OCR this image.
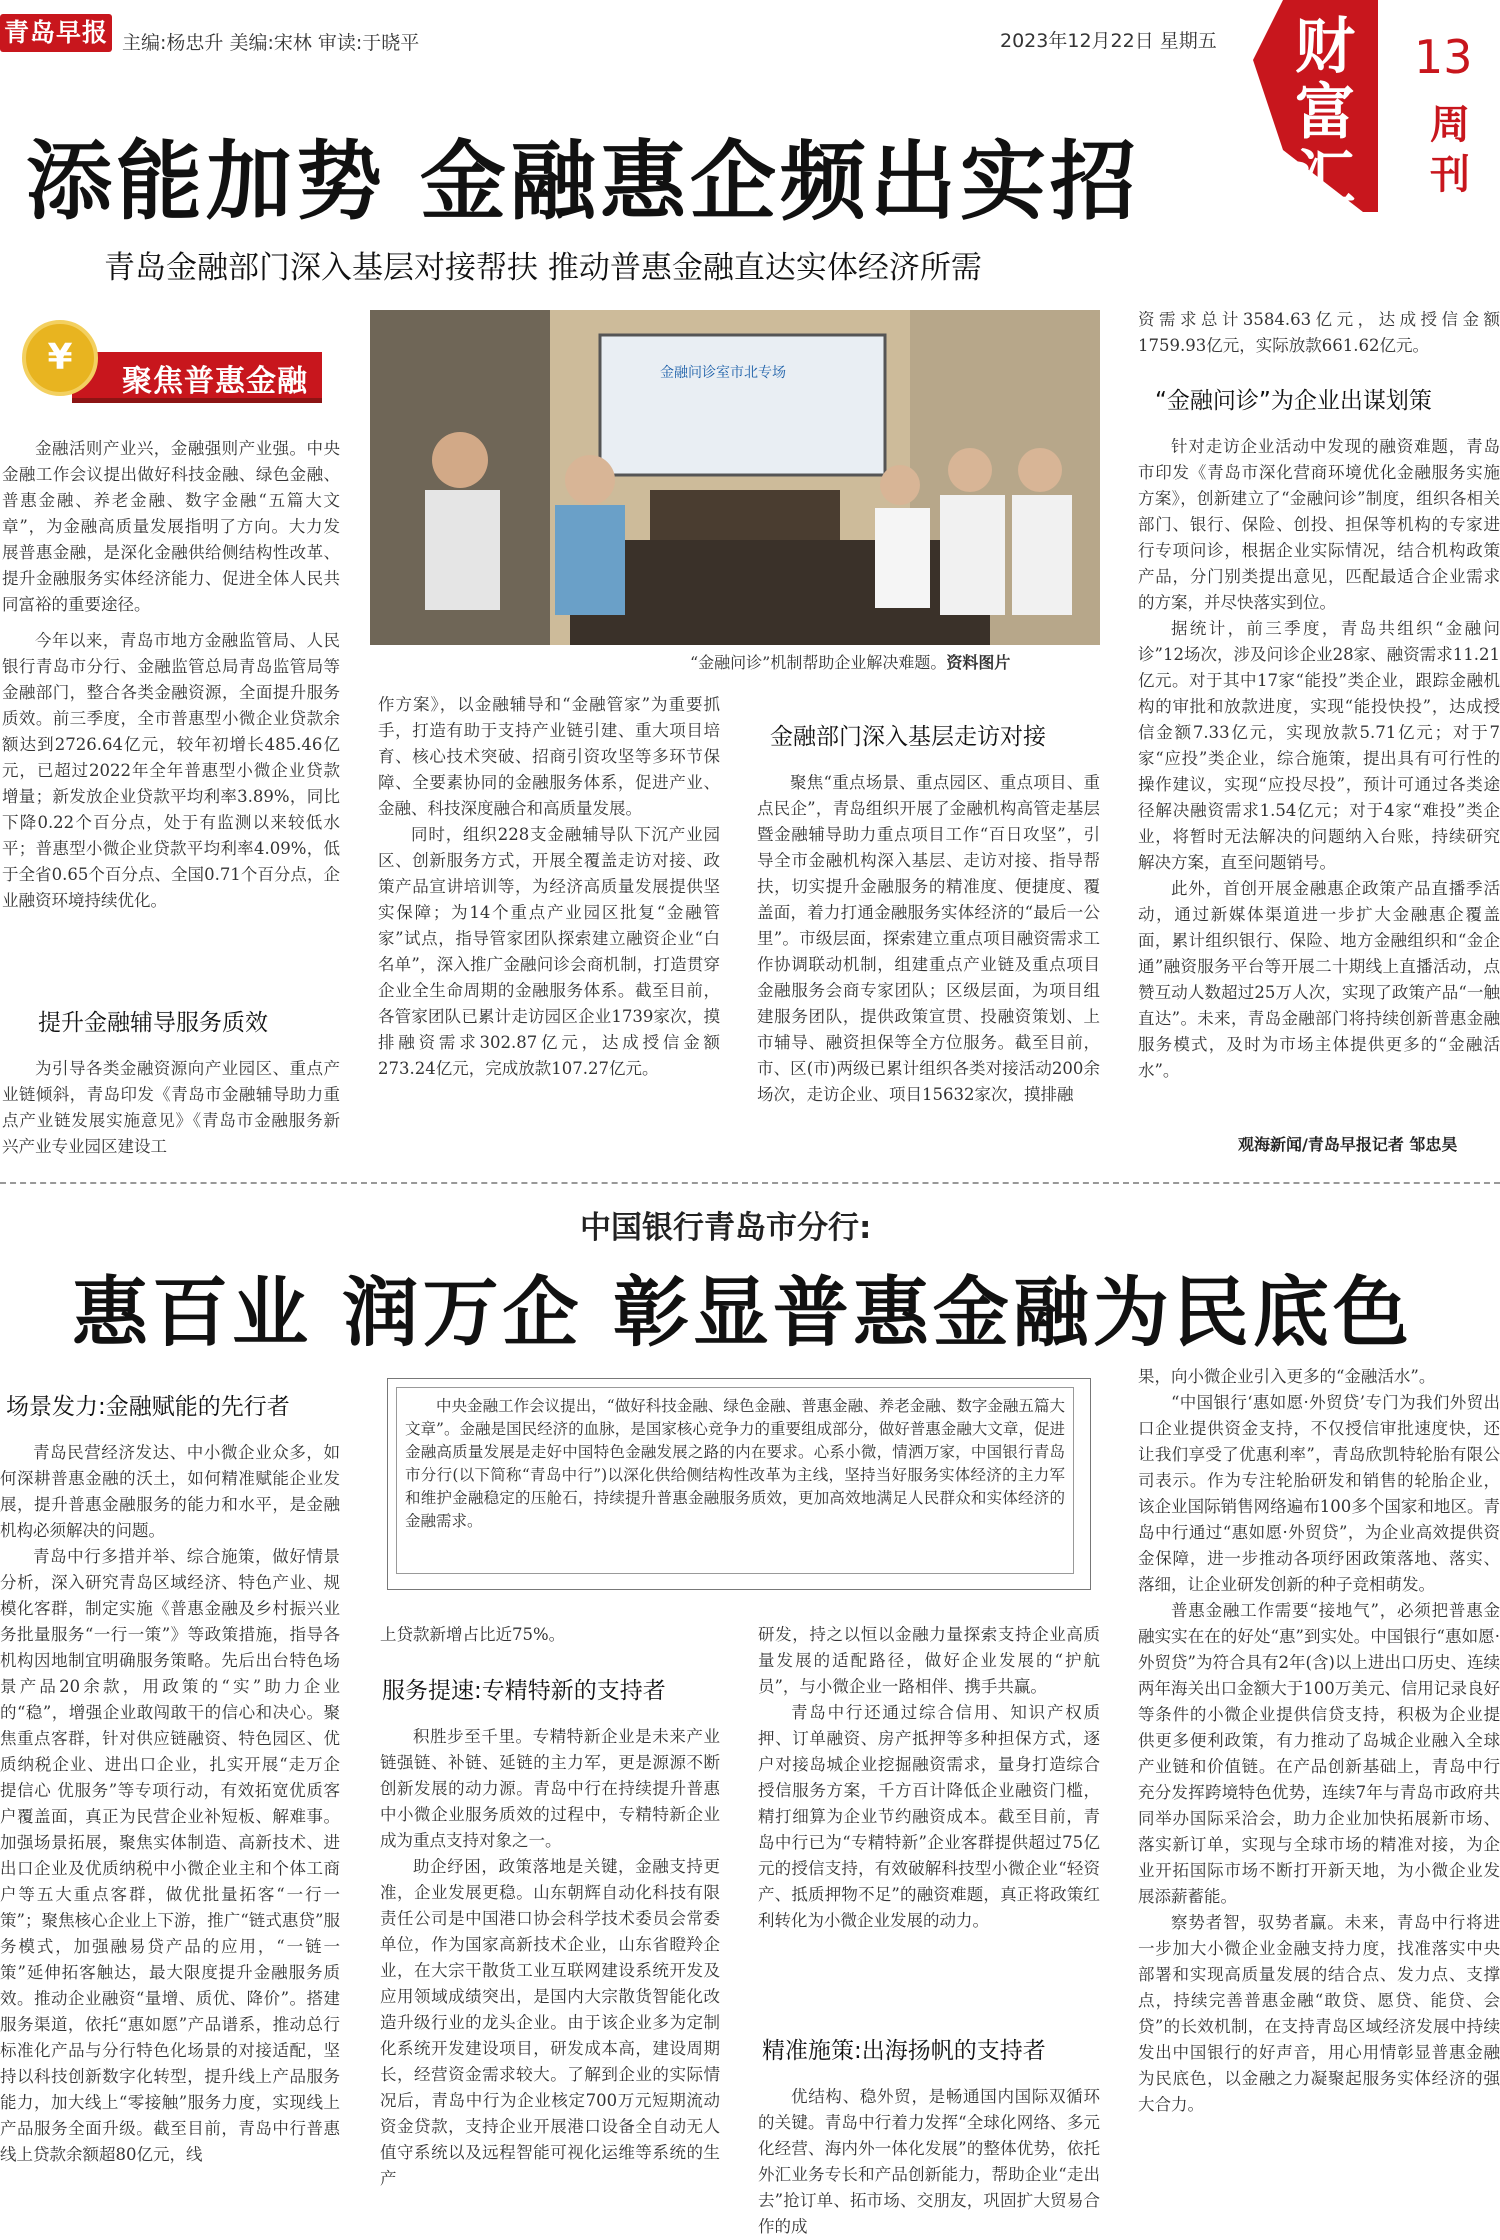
青岛早报 主编:杨忠升 美编:宋林 审读:于晓平	2023年12月22日 星期五	财富
汇
13
周
刊
添能加势 金融惠企频出实招
青岛金融部门深入基层对接帮扶 推动普惠金融直达实体经济所需
¥
聚焦普惠金融

金融活则产业兴，金融强则产业强。中央金融工作会议提出做好科技金融、绿色金融、普惠金融、养老金融、数字金融“五篇大文章”，为金融高质量发展指明了方向。大力发展普惠金融，是深化金融供给侧结构性改革、提升金融服务实体经济能力、促进全体人民共同富裕的重要途径。

今年以来，青岛市地方金融监管局、人民银行青岛市分行、金融监管总局青岛监管局等金融部门，整合各类金融资源，全面提升服务质效。前三季度，全市普惠型小微企业贷款余额达到2726.64亿元，较年初增长485.46亿元，已超过2022年全年普惠型小微企业贷款增量；新发放企业贷款平均利率3.89%，同比下降0.22个百分点，处于有监测以来较低水平；普惠型小微企业贷款平均利率4.09%，低于全省0.65个百分点、全国0.71个百分点，企业融资环境持续优化。

提升金融辅导服务质效

为引导各类金融资源向产业园区、重点产业链倾斜，青岛印发《青岛市金融辅导助力重点产业链发展实施意见》《青岛市金融服务新兴产业专业园区建设工

金融问诊室市北专场
“金融问诊”机制帮助企业解决难题。资料图片

作方案》，以金融辅导和“金融管家”为重要抓手，打造有助于支持产业链引建、重大项目培育、核心技术突破、招商引资攻坚等多环节保障、全要素协同的金融服务体系，促进产业、金融、科技深度融合和高质量发展。

同时，组织228支金融辅导队下沉产业园区、创新服务方式，开展全覆盖走访对接、政策产品宣讲培训等，为经济高质量发展提供坚实保障；为14个重点产业园区批复“金融管家”试点，指导管家团队探索建立融资企业“白名单”，深入推广金融问诊会商机制，打造贯穿企业全生命周期的金融服务体系。截至目前，各管家团队已累计走访园区企业1739家次，摸排融资需求302.87亿元，达成授信金额273.24亿元，完成放款107.27亿元。

金融部门深入基层走访对接

聚焦“重点场景、重点园区、重点项目、重点民企”，青岛组织开展了金融机构高管走基层暨金融辅导助力重点项目工作“百日攻坚”，引导全市金融机构深入基层、走访对接、指导帮扶，切实提升金融服务的精准度、便捷度、覆盖面，着力打通金融服务实体经济的“最后一公里”。市级层面，探索建立重点项目融资需求工作协调联动机制，组建重点产业链及重点项目金融服务会商专家团队；区级层面，为项目组建服务团队，提供政策宣贯、投融资策划、上市辅导、融资担保等全方位服务。截至目前，市、区(市)两级已累计组织各类对接活动200余场次，走访企业、项目15632家次，摸排融

资需求总计3584.63亿元，达成授信金额1759.93亿元，实际放款661.62亿元。

“金融问诊”为企业出谋划策

针对走访企业活动中发现的融资难题，青岛市印发《青岛市深化营商环境优化金融服务实施方案》，创新建立了“金融问诊”制度，组织各相关部门、银行、保险、创投、担保等机构的专家进行专项问诊，根据企业实际情况，结合机构政策产品，分门别类提出意见，匹配最适合企业需求的方案，并尽快落实到位。

据统计，前三季度，青岛共组织“金融问诊”12场次，涉及问诊企业28家、融资需求11.21亿元。对于其中17家“能投”类企业，跟踪金融机构的审批和放款进度，实现“能投快投”，达成授信金额7.33亿元，实现放款5.71亿元；对于7家“应投”类企业，综合施策，提出具有可行性的操作建议，实现“应投尽投”，预计可通过各类途径解决融资需求1.54亿元；对于4家“难投”类企业，将暂时无法解决的问题纳入台账，持续研究解决方案，直至问题销号。

此外，首创开展金融惠企政策产品直播季活动，通过新媒体渠道进一步扩大金融惠企覆盖面，累计组织银行、保险、地方金融组织和“金企通”融资服务平台等开展二十期线上直播活动，点赞互动人数超过25万人次，实现了政策产品“一触直达”。未来，青岛金融部门将持续创新普惠金融服务模式，及时为市场主体提供更多的“金融活水”。

观海新闻/青岛早报记者 邹忠昊
中国银行青岛市分行:
惠百业 润万企 彰显普惠金融为民底色
中央金融工作会议提出，“做好科技金融、绿色金融、普惠金融、养老金融、数字金融五篇大文章”。金融是国民经济的血脉，是国家核心竞争力的重要组成部分，做好普惠金融大文章，促进金融高质量发展是走好中国特色金融发展之路的内在要求。心系小微，情洒万家，中国银行青岛市分行(以下简称“青岛中行”)以深化供给侧结构性改革为主线，坚持当好服务实体经济的主力军和维护金融稳定的压舱石，持续提升普惠金融服务质效，更加高效地满足人民群众和实体经济的金融需求。
场景发力:金融赋能的先行者

青岛民营经济发达、中小微企业众多，如何深耕普惠金融的沃土，如何精准赋能企业发展，提升普惠金融服务的能力和水平，是金融机构必须解决的问题。

青岛中行多措并举、综合施策，做好情景分析，深入研究青岛区域经济、特色产业、规模化客群，制定实施《普惠金融及乡村振兴业务批量服务“一行一策”》等政策措施，指导各机构因地制宜明确服务策略。先后出台特色场景产品20余款，用政策的“实”助力企业的“稳”，增强企业敢闯敢干的信心和决心。聚焦重点客群，针对供应链融资、特色园区、优质纳税企业、进出口企业，扎实开展“走万企 提信心 优服务”等专项行动，有效拓宽优质客户覆盖面，真正为民营企业补短板、解难事。加强场景拓展，聚焦实体制造、高新技术、进出口企业及优质纳税中小微企业主和个体工商户等五大重点客群，做优批量拓客“一行一策”；聚焦核心企业上下游，推广“链式惠贷”服务模式，加强融易贷产品的应用，“一链一策”延伸拓客触达，最大限度提升金融服务质效。推动企业融资“量增、质优、降价”。搭建服务渠道，依托“惠如愿”产品谱系，推动总行标准化产品与分行特色化场景的对接适配，坚持以科技创新数字化转型，提升线上产品服务能力，加大线上“零接触”服务力度，实现线上产品服务全面升级。截至目前，青岛中行普惠线上贷款余额超80亿元，线

上贷款新增占比近75%。

服务提速:专精特新的支持者

积胜步至千里。专精特新企业是未来产业链强链、补链、延链的主力军，更是源源不断创新发展的动力源。青岛中行在持续提升普惠中小微企业服务质效的过程中，专精特新企业成为重点支持对象之一。

助企纾困，政策落地是关键，金融支持更准，企业发展更稳。山东朝辉自动化科技有限责任公司是中国港口协会科学技术委员会常委单位，作为国家高新技术企业，山东省瞪羚企业，在大宗干散货工业互联网建设系统开发及应用领域成绩突出，是国内大宗散货智能化改造升级行业的龙头企业。由于该企业多为定制化系统开发建设项目，研发成本高，建设周期长，经营资金需求较大。了解到企业的实际情况后，青岛中行为企业核定700万元短期流动资金贷款，支持企业开展港口设备全自动无人值守系统以及远程智能可视化运维等系统的生产

研发，持之以恒以金融力量探索支持企业高质量发展的适配路径，做好企业发展的“护航员”，与小微企业一路相伴、携手共赢。

青岛中行还通过综合信用、知识产权质押、订单融资、房产抵押等多种担保方式，逐户对接岛城企业挖掘融资需求，量身打造综合授信服务方案，千方百计降低企业融资门槛，精打细算为企业节约融资成本。截至目前，青岛中行已为“专精特新”企业客群提供超过75亿元的授信支持，有效破解科技型小微企业“轻资产、抵质押物不足”的融资难题，真正将政策红利转化为小微企业发展的动力。

精准施策:出海扬帆的支持者

优结构、稳外贸，是畅通国内国际双循环的关键。青岛中行着力发挥“全球化网络、多元化经营、海内外一体化发展”的整体优势，依托外汇业务专长和产品创新能力，帮助企业“走出去”抢订单、拓市场、交朋友，巩固扩大贸易合作的成

果，向小微企业引入更多的“金融活水”。

“中国银行‘惠如愿·外贸贷’专门为我们外贸出口企业提供资金支持，不仅授信审批速度快，还让我们享受了优惠利率”，青岛欣凯特轮胎有限公司表示。作为专注轮胎研发和销售的轮胎企业，该企业国际销售网络遍布100多个国家和地区。青岛中行通过“惠如愿·外贸贷”，为企业高效提供资金保障，进一步推动各项纾困政策落地、落实、落细，让企业研发创新的种子竞相萌发。

普惠金融工作需要“接地气”，必须把普惠金融实实在在的好处“惠”到实处。中国银行“惠如愿·外贸贷”为符合具有2年(含)以上进出口历史、连续两年海关出口金额大于100万美元、信用记录良好等条件的小微企业提供信贷支持，积极为企业提供更多便利政策，有力推动了岛城企业融入全球产业链和价值链。在产品创新基础上，青岛中行充分发挥跨境特色优势，连续7年与青岛市政府共同举办国际采洽会，助力企业加快拓展新市场、落实新订单，实现与全球市场的精准对接，为企业开拓国际市场不断打开新天地，为小微企业发展添薪蓄能。

察势者智，驭势者赢。未来，青岛中行将进一步加大小微企业金融支持力度，找准落实中央部署和实现高质量发展的结合点、发力点、支撑点，持续完善普惠金融“敢贷、愿贷、能贷、会贷”的长效机制，在支持青岛区域经济发展中持续发出中国银行的好声音，用心用情彰显普惠金融为民底色，以金融之力凝聚起服务实体经济的强大合力。
